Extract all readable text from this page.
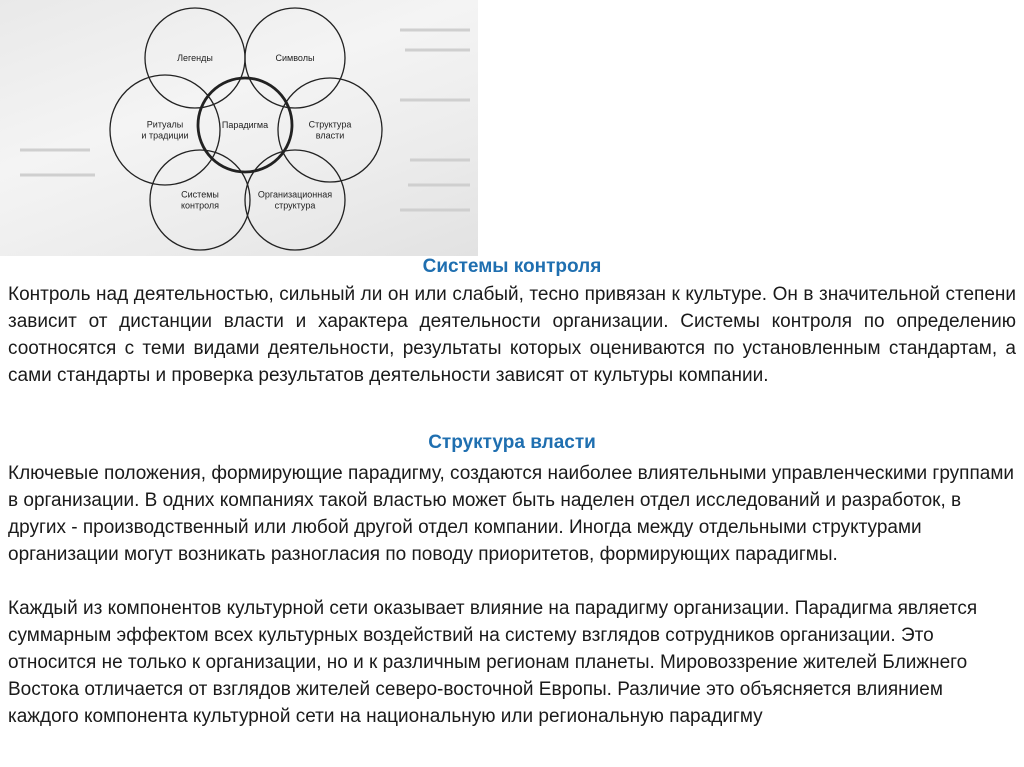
Легенды	Символы
Ритуалы и традиции
Парадигма	Структура власти
Системы контроля
Организационная структура
Системы контроля

Контроль над деятельностью, сильный ли он или слабый, тесно привязан к культуре. Он в значительной степени зависит от дистанции власти и характера деятельности организации. Системы контроля по определению соотносятся с теми видами деятельности, результаты которых оцениваются по установленным стандартам, а сами стандарты и проверка результатов деятельности зависят от культуры компании.

Структура власти

Ключевые положения, формирующие парадигму, создаются наиболее влиятельными управленческими группами в организации. В одних компаниях такой властью может быть наделен отдел исследований и разработок, в других - производственный или любой другой отдел компании. Иногда между отдельными структурами организации могут возникать разногласия по поводу приоритетов, формирующих парадигмы.

Каждый из компонентов культурной сети оказывает влияние на парадигму организации. Парадигма является суммарным эффектом всех культурных воздействий на систему взглядов сотрудников организации. Это относится не только к организации, но и к различным регионам планеты. Мировоззрение жителей Ближнего Востока отличается от взглядов жителей северо-восточной Европы. Различие это объясняется влиянием каждого компонента культурной сети на национальную или региональную парадигму
